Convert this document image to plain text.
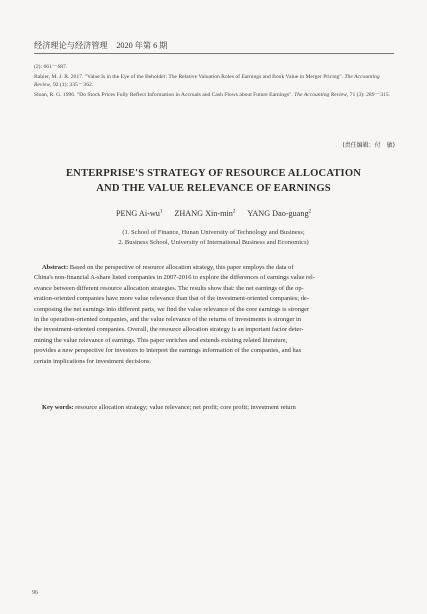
经济理论与经济管理 2020 年第 6 期
(2): 661－687.
Rabier, M. J. R. 2017. "Value Is in the Eye of the Beholder: The Relative Valuation Roles of Earnings and Book Value in Merger Pricing". The Accounting Review, 92 (1): 335－362.
Sloan, R. G. 1996. "Do Stock Prices Fully Reflect Information in Accruals and Cash Flows about Future Earnings". The Accounting Review, 71 (3): 289－315.
(责任编辑：付　敏)
ENTERPRISE'S STRATEGY OF RESOURCE ALLOCATION
AND THE VALUE RELEVANCE OF EARNINGS
PENG $Ai-wu^1$ ZHANG Xin-$\min^2$ YANG Dao-guang$^2$
(1. School of Finance, Hunan University of Technology and Business;
2. Business School, University of International Business and Economics)
Abstract: Based on the perspective of resource allocation strategy, this paper employs the data of
China's non-financial A-share listed companies in 2007-2016 to explore the differences of earnings value rel-
evance between different resource allocation strategies. The results show that: the net earnings of the op-
eration-oriented companies have more value relevance than that of the investment-oriented companies; de-
composing the net earnings into different parts, we find the value relevance of the core earnings is stronger
in the operation-oriented companies, and the value relevance of the returns of investments is stronger in
the investment-oriented companies. Overall, the resource allocation strategy is an important factor deter-
mining the value relevance of earnings. This paper enriches and extends existing related literature,
provides a new perspective for investors to interpret the earnings information of the companies, and has
certain implications for investment decisions.
Key words: resource allocation strategy; value relevance; net profit; core profit; investment return
96
